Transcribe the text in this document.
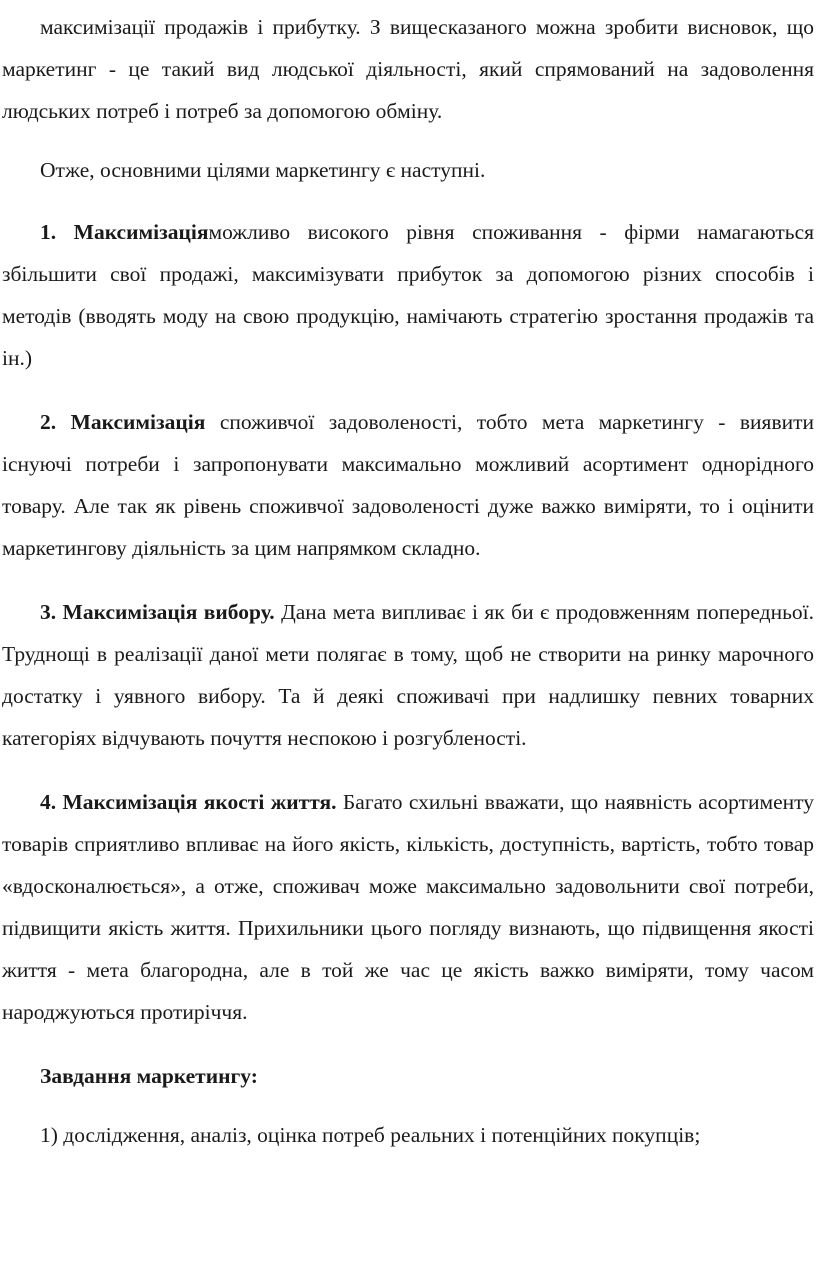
максимізації продажів і прибутку. З вищесказаного можна зробити висновок, що маркетинг - це такий вид людської діяльності, який спрямований на задоволення людських потреб і потреб за допомогою обміну.

Отже, основними цілями маркетингу є наступні.

1. Максимізаціяможливо високого рівня споживання - фірми намагаються збільшити свої продажі, максимізувати прибуток за допомогою різних способів і методів (вводять моду на свою продукцію, намічають стратегію зростання продажів та ін.)

2. Максимізація споживчої задоволеності, тобто мета маркетингу - виявити існуючі потреби і запропонувати максимально можливий асортимент однорідного товару. Але так як рівень споживчої задоволеності дуже важко виміряти, то і оцінити маркетингову діяльність за цим напрямком складно.

3. Максимізація вибору. Дана мета випливає і як би є продовженням попередньої. Труднощі в реалізації даної мети полягає в тому, щоб не створити на ринку марочного достатку і уявного вибору. Та й деякі споживачі при надлишку певних товарних категоріях відчувають почуття неспокою і розгубленості.

4. Максимізація якості життя. Багато схильні вважати, що наявність асортименту товарів сприятливо впливає на його якість, кількість, доступність, вартість, тобто товар «вдосконалюється», а отже, споживач може максимально задовольнити свої потреби, підвищити якість життя. Прихильники цього погляду визнають, що підвищення якості життя - мета благородна, але в той же час це якість важко виміряти, тому часом народжуються протиріччя.

Завдання маркетингу:

1) дослідження, аналіз, оцінка потреб реальних і потенційних покупців;
